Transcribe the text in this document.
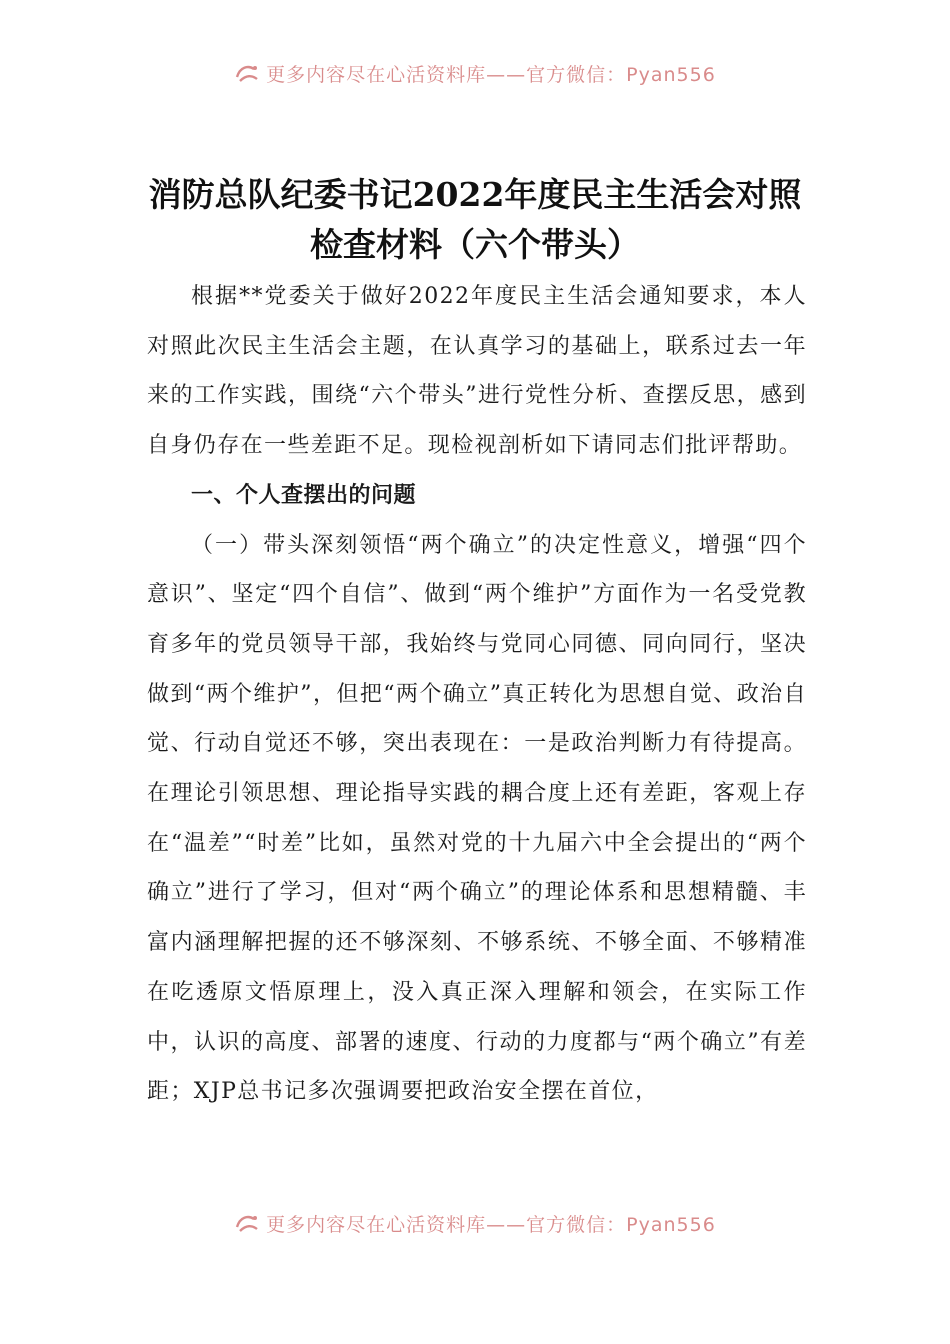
更多内容尽在心活资料库——官方微信：Pyan556
消防总队纪委书记2022年度民主生活会对照检查材料（六个带头）

根据**党委关于做好2022年度民主生活会通知要求，本人对照此次民主生活会主题，在认真学习的基础上，联系过去一年来的工作实践，围绕“六个带头”进行党性分析、查摆反思，感到自身仍存在一些差距不足。现检视剖析如下请同志们批评帮助。

一、个人查摆出的问题

（一）带头深刻领悟“两个确立”的决定性意义，增强“四个意识”、坚定“四个自信”、做到“两个维护”方面作为一名受党教育多年的党员领导干部，我始终与党同心同德、同向同行，坚决做到“两个维护”，但把“两个确立”真正转化为思想自觉、政治自觉、行动自觉还不够，突出表现在：一是政治判断力有待提高。在理论引领思想、理论指导实践的耦合度上还有差距，客观上存在“温差”“时差”比如，虽然对党的十九届六中全会提出的“两个确立”进行了学习，但对“两个确立”的理论体系和思想精髓、丰富内涵理解把握的还不够深刻、不够系统、不够全面、不够精准在吃透原文悟原理上，没入真正深入理解和领会，在实际工作中，认识的高度、部署的速度、行动的力度都与“两个确立”有差距；XJP总书记多次强调要把政治安全摆在首位，

更多内容尽在心活资料库——官方微信：Pyan556
